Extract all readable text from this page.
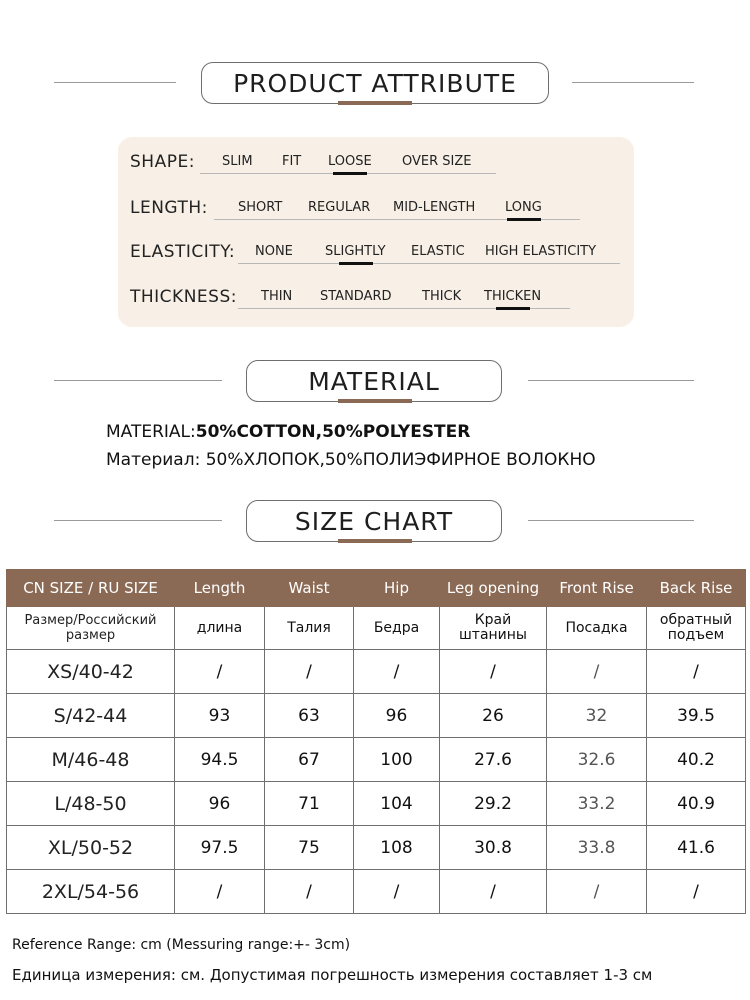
PRODUCT ATTRIBUTE
SHAPE: SLIM FIT LOOSE OVER SIZE
LENGTH: SHORT REGULAR MID-LENGTH LONG
ELASTICITY: NONE SLIGHTLY ELASTIC HIGH ELASTICITY
THICKNESS: THIN STANDARD THICK THICKEN
MATERIAL
MATERIAL:50%COTTON,50%POLYESTER
Материал: 50%ХЛОПОК,50%ПОЛИЭФИРНОЕ ВОЛОКНО
SIZE CHART
CN SIZE / RU SIZE	Length	Waist	Hip	Leg opening	Front Rise	Back Rise
Размер/Российский размер	длина	Талия	Бедра	Край штанины	Посадка	обратный подъем
XS/40-42	/	/	/	/	/	/
S/42-44	93	63	96	26	32	39.5
M/46-48	94.5	67	100	27.6	32.6	40.2
L/48-50	96	71	104	29.2	33.2	40.9
XL/50-52	97.5	75	108	30.8	33.8	41.6
2XL/54-56	/	/	/	/	/	/
Reference Range: cm (Messuring range:+- 3cm)
Единица измерения: см. Допустимая погрешность измерения составляет 1-3 см
